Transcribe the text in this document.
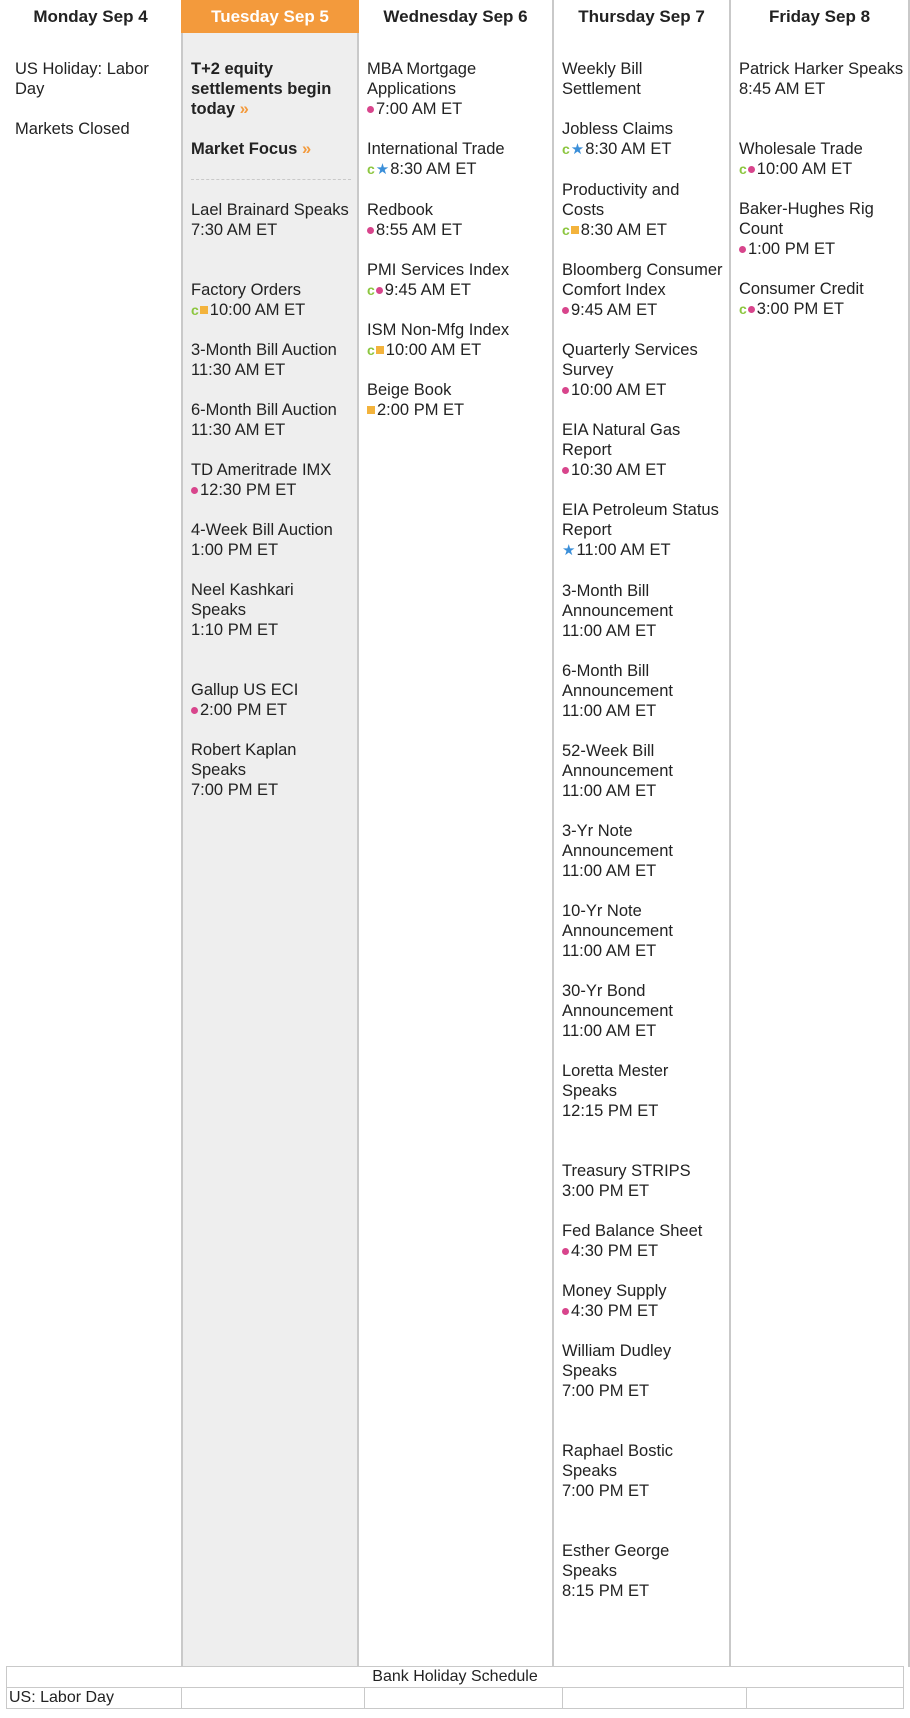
Monday Sep 4
US Holiday: Labor Day
Markets Closed
Tuesday Sep 5
T+2 equity settlements begin today »
Market Focus »
Lael Brainard Speaks
7:30 AM ET
Factory Orders
c 10:00 AM ET
3-Month Bill Auction
11:30 AM ET
6-Month Bill Auction
11:30 AM ET
TD Ameritrade IMX
12:30 PM ET
4-Week Bill Auction
1:00 PM ET
Neel Kashkari Speaks
1:10 PM ET
Gallup US ECI
2:00 PM ET
Robert Kaplan Speaks
7:00 PM ET
Wednesday Sep 6
MBA Mortgage Applications
7:00 AM ET
International Trade
c★8:30 AM ET
Redbook
8:55 AM ET
PMI Services Index
c 9:45 AM ET
ISM Non-Mfg Index
c 10:00 AM ET
Beige Book
2:00 PM ET
Thursday Sep 7
Weekly Bill Settlement
Jobless Claims
c★8:30 AM ET
Productivity and Costs
c 8:30 AM ET
Bloomberg Consumer Comfort Index
9:45 AM ET
Quarterly Services Survey
10:00 AM ET
EIA Natural Gas Report
10:30 AM ET
EIA Petroleum Status Report
★11:00 AM ET
3-Month Bill Announcement
11:00 AM ET
6-Month Bill Announcement
11:00 AM ET
52-Week Bill Announcement
11:00 AM ET
3-Yr Note Announcement
11:00 AM ET
10-Yr Note Announcement
11:00 AM ET
30-Yr Bond Announcement
11:00 AM ET
Loretta Mester Speaks
12:15 PM ET
Treasury STRIPS
3:00 PM ET
Fed Balance Sheet
4:30 PM ET
Money Supply
4:30 PM ET
William Dudley Speaks
7:00 PM ET
Raphael Bostic Speaks
7:00 PM ET
Esther George Speaks
8:15 PM ET
Friday Sep 8
Patrick Harker Speaks
8:45 AM ET
Wholesale Trade
c 10:00 AM ET
Baker-Hughes Rig Count
1:00 PM ET
Consumer Credit
c 3:00 PM ET
Bank Holiday Schedule
US: Labor Day				
